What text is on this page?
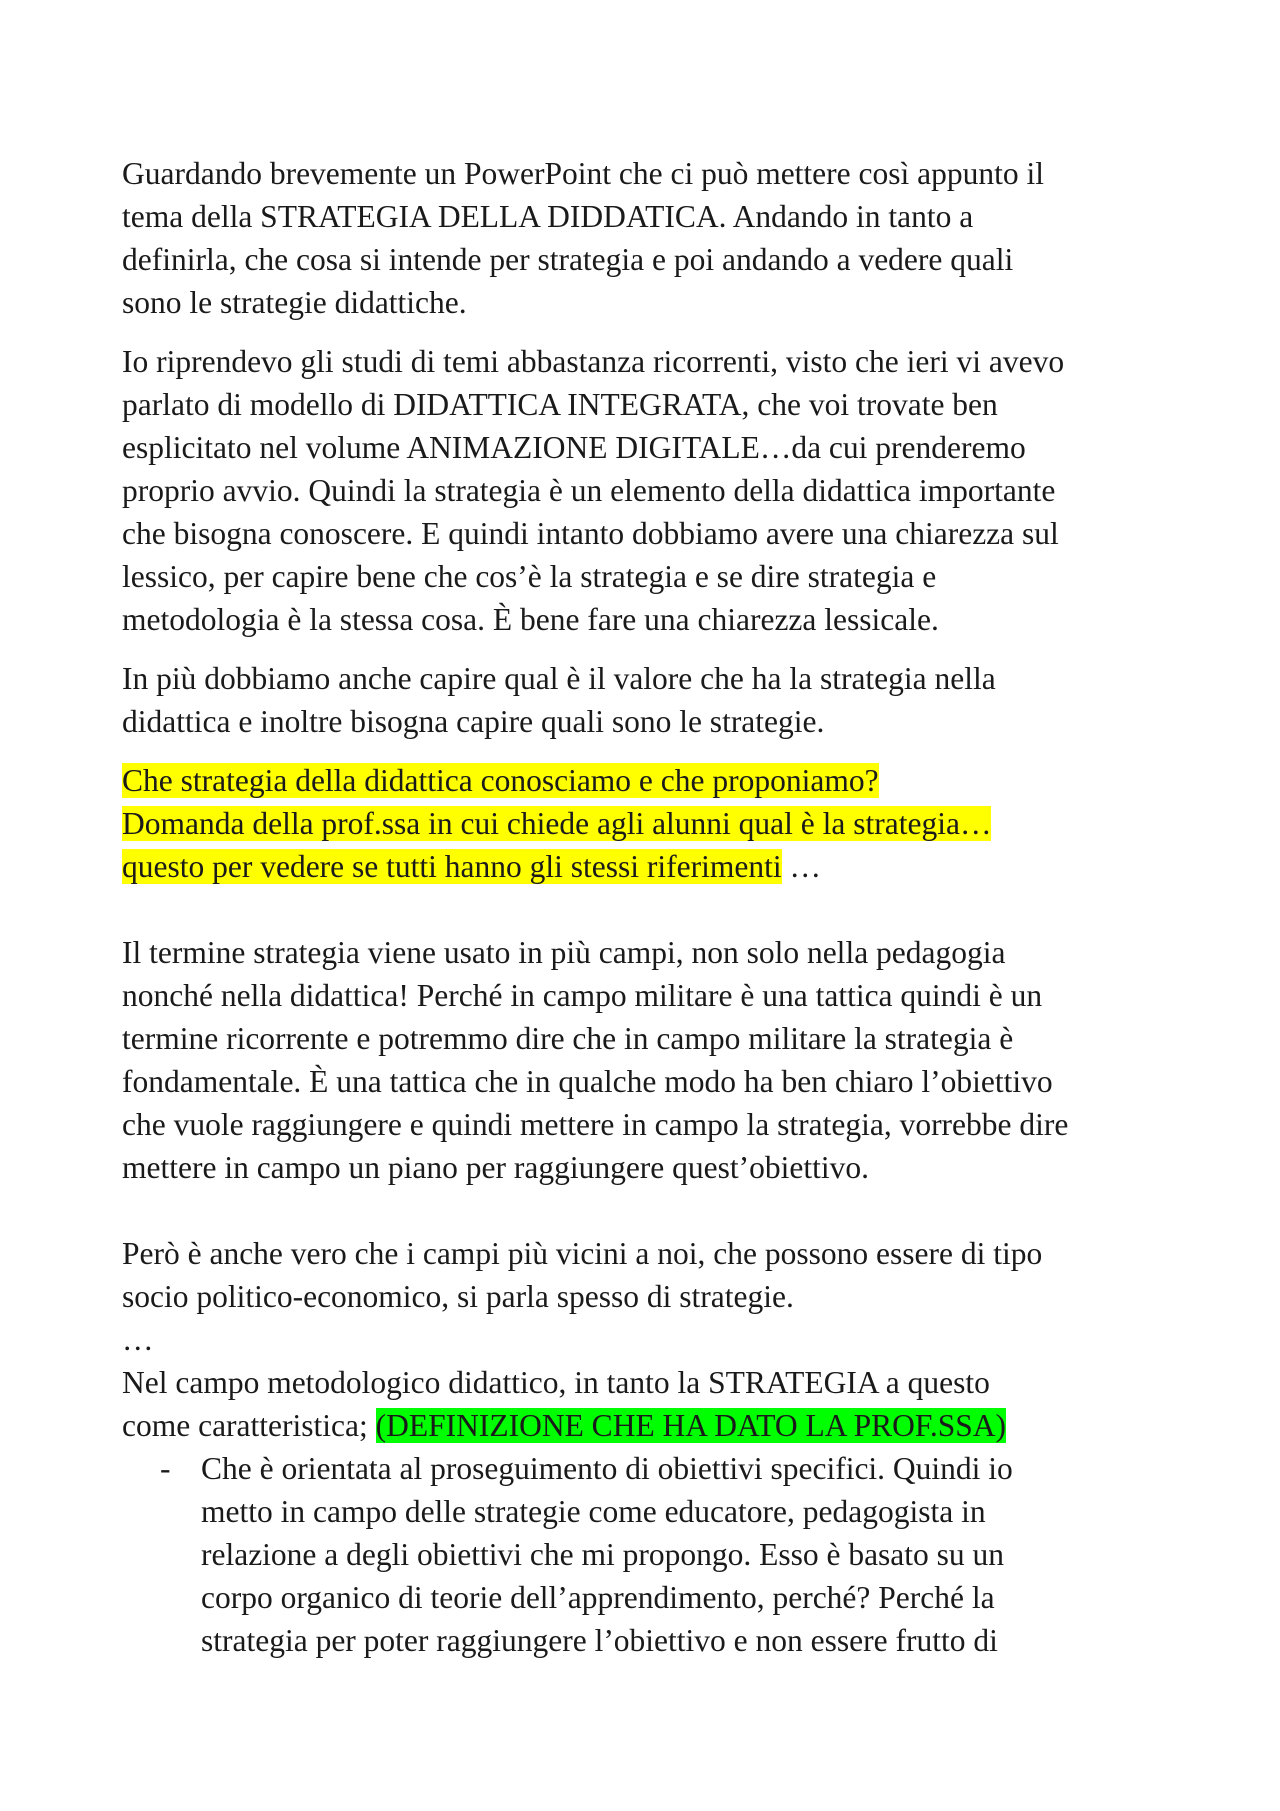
Guardando brevemente un PowerPoint che ci può mettere così appunto il
tema della STRATEGIA DELLA DIDDATICA. Andando in tanto a
definirla, che cosa si intende per strategia e poi andando a vedere quali
sono le strategie didattiche.

Io riprendevo gli studi di temi abbastanza ricorrenti, visto che ieri vi avevo
parlato di modello di DIDATTICA INTEGRATA, che voi trovate ben
esplicitato nel volume ANIMAZIONE DIGITALE…da cui prenderemo
proprio avvio. Quindi la strategia è un elemento della didattica importante
che bisogna conoscere. E quindi intanto dobbiamo avere una chiarezza sul
lessico, per capire bene che cos’è la strategia e se dire strategia e
metodologia è la stessa cosa. È bene fare una chiarezza lessicale.

In più dobbiamo anche capire qual è il valore che ha la strategia nella
didattica e inoltre bisogna capire quali sono le strategie.

Che strategia della didattica conosciamo e che proponiamo?
Domanda della prof.ssa in cui chiede agli alunni qual è la strategia…
questo per vedere se tutti hanno gli stessi riferimenti …

Il termine strategia viene usato in più campi, non solo nella pedagogia
nonché nella didattica! Perché in campo militare è una tattica quindi è un
termine ricorrente e potremmo dire che in campo militare la strategia è
fondamentale. È una tattica che in qualche modo ha ben chiaro l’obiettivo
che vuole raggiungere e quindi mettere in campo la strategia, vorrebbe dire
mettere in campo un piano per raggiungere quest’obiettivo.

Però è anche vero che i campi più vicini a noi, che possono essere di tipo
socio politico-economico, si parla spesso di strategie.
…
Nel campo metodologico didattico, in tanto la STRATEGIA a questo
come caratteristica; (DEFINIZIONE CHE HA DATO LA PROF.SSA)

- Che è orientata al proseguimento di obiettivi specifici. Quindi io
metto in campo delle strategie come educatore, pedagogista in
relazione a degli obiettivi che mi propongo. Esso è basato su un
corpo organico di teorie dell’apprendimento, perché? Perché la
strategia per poter raggiungere l’obiettivo e non essere frutto di
